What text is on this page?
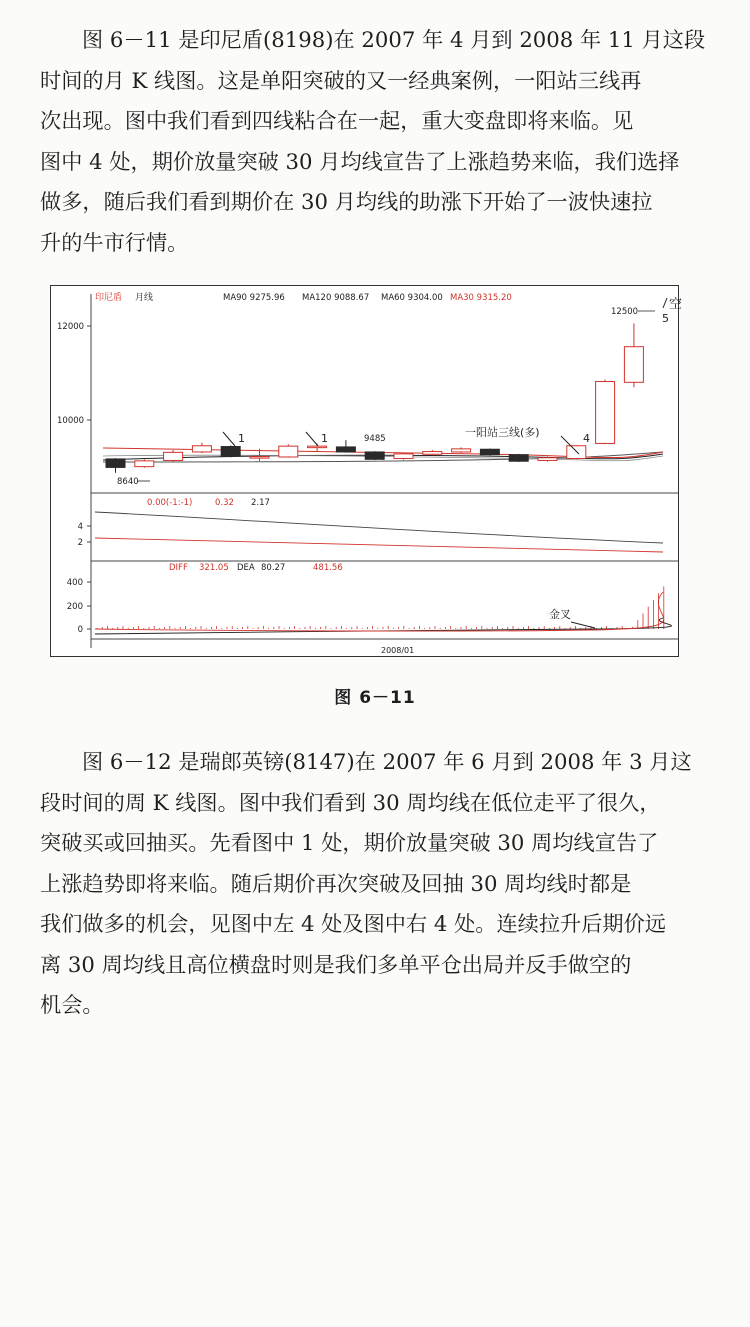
图 6－11 是印尼盾(8198)在 2007 年 4 月到 2008 年 11 月这段
时间的月 K 线图。这是单阳突破的又一经典案例，一阳站三线再
次出现。图中我们看到四线粘合在一起，重大变盘即将来临。见
图中 4 处，期价放量突破 30 月均线宣告了上涨趋势来临，我们选择
做多，随后我们看到期价在 30 月均线的助涨下开始了一波快速拉
升的牛市行情。

印尼盾 月线	MA90 9275.96 MA120 9088.67 MA60 9304.00 MA30 9315.20
12000
10000
8640
1	1	9485	一阳站三线(多)	4
12500 5
空
0.00(-1:-1)	0.32 2.17
4
2
DIFF 321.05 DEA 80.27	481.56
400
200
0
金叉
2008/01
图 6－11

图 6－12 是瑞郎英镑(8147)在 2007 年 6 月到 2008 年 3 月这
段时间的周 K 线图。图中我们看到 30 周均线在低位走平了很久，
突破买或回抽买。先看图中 1 处，期价放量突破 30 周均线宣告了
上涨趋势即将来临。随后期价再次突破及回抽 30 周均线时都是
我们做多的机会，见图中左 4 处及图中右 4 处。连续拉升后期价远
离 30 周均线且高位横盘时则是我们多单平仓出局并反手做空的
机会。
